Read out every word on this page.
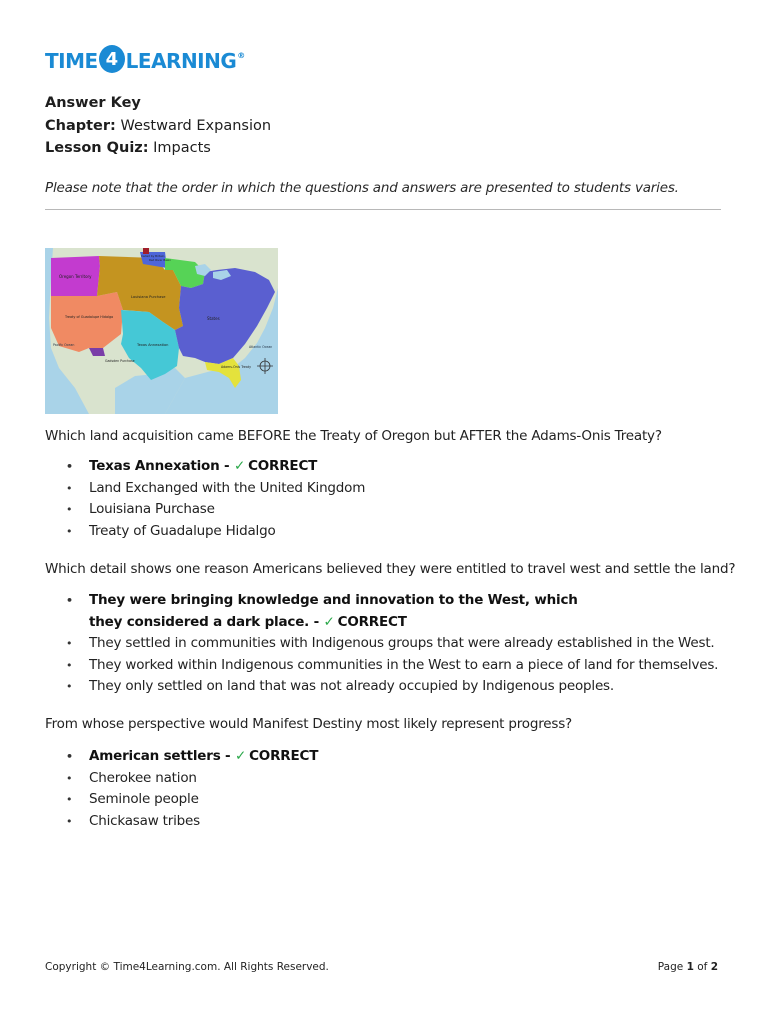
TIME 4 LEARNING ®
Answer Key
Chapter: Westward Expansion
Lesson Quiz: Impacts
Please note that the order in which the questions and answers are presented to students varies.
Oregon Territory
Treaty of Guadalupe Hidalgo
Louisiana Purchase
Texas Annexation
States
Gadsden Purchase
Adams-Onís Treaty
Ceded by Britain
Red River Basin
Pacific Ocean	Atlantic Ocean
Which land acquisition came BEFORE the Treaty of Oregon but AFTER the Adams-Onis Treaty?
• Texas Annexation - ✓ CORRECT
• Land Exchanged with the United Kingdom
• Louisiana Purchase
• Treaty of Guadalupe Hidalgo
Which detail shows one reason Americans believed they were entitled to travel west and settle the land?
• They were bringing knowledge and innovation to the West, which they considered a dark place. - ✓ CORRECT
• They settled in communities with Indigenous groups that were already established in the West.
• They worked within Indigenous communities in the West to earn a piece of land for themselves.
• They only settled on land that was not already occupied by Indigenous peoples.
From whose perspective would Manifest Destiny most likely represent progress?
• American settlers - ✓ CORRECT
• Cherokee nation
• Seminole people
• Chickasaw tribes
Copyright © Time4Learning.com. All Rights Reserved.	Page 1 of 2
